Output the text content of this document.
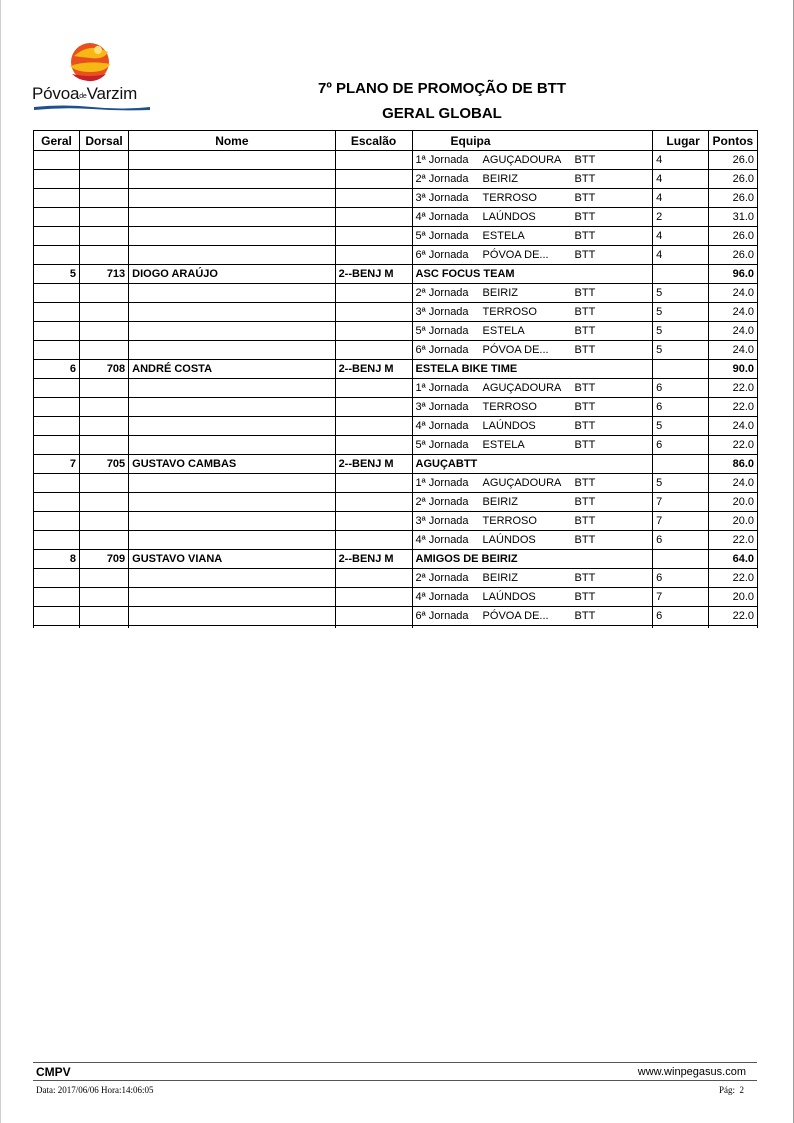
PóvoadeVarzim	7º PLANO DE PROMOÇÃO DE BTT
GERAL GLOBAL
Geral	Dorsal	Nome	Escalão	Equipa	Lugar	Pontos
				1ª Jornada AGUÇADOURA BTT	4	26.0
				2ª Jornada BEIRIZ BTT	4	26.0
				3ª Jornada TERROSO BTT	4	26.0
				4ª Jornada LAÚNDOS BTT	2	31.0
				5ª Jornada ESTELA BTT	4	26.0
				6ª Jornada PÓVOA DE... BTT	4	26.0
5	713	DIOGO ARAÚJO	2--BENJ M	ASC FOCUS TEAM		96.0
				2ª Jornada BEIRIZ BTT	5	24.0
				3ª Jornada TERROSO BTT	5	24.0
				5ª Jornada ESTELA BTT	5	24.0
				6ª Jornada PÓVOA DE... BTT	5	24.0
6	708	ANDRÉ COSTA	2--BENJ M	ESTELA BIKE TIME		90.0
				1ª Jornada AGUÇADOURA BTT	6	22.0
				3ª Jornada TERROSO BTT	6	22.0
				4ª Jornada LAÚNDOS BTT	5	24.0
				5ª Jornada ESTELA BTT	6	22.0
7	705	GUSTAVO CAMBAS	2--BENJ M	AGUÇABTT		86.0
				1ª Jornada AGUÇADOURA BTT	5	24.0
				2ª Jornada BEIRIZ BTT	7	20.0
				3ª Jornada TERROSO BTT	7	20.0
				4ª Jornada LAÚNDOS BTT	6	22.0
8	709	GUSTAVO VIANA	2--BENJ M	AMIGOS DE BEIRIZ		64.0
				2ª Jornada BEIRIZ BTT	6	22.0
				4ª Jornada LAÚNDOS BTT	7	20.0
				6ª Jornada PÓVOA DE... BTT	6	22.0

CMPV	www.winpegasus.com
Data: 2017/06/06 Hora:14:06:05	Pág: 2
